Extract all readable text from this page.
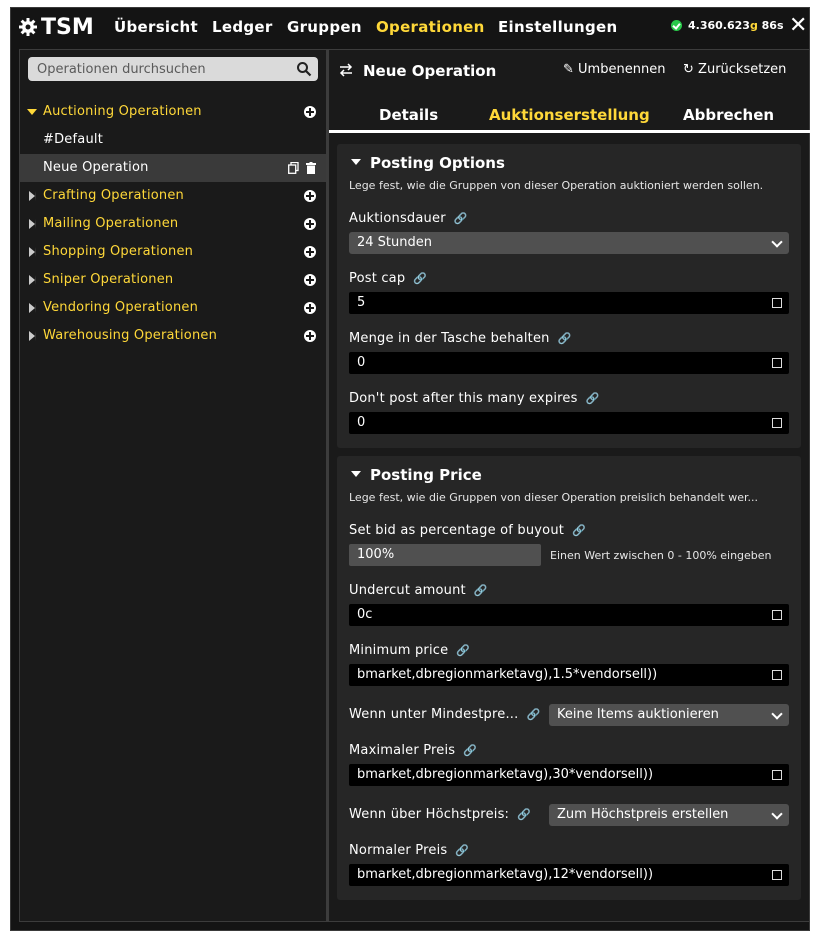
TSM Übersicht Ledger Gruppen Operationen Einstellungen	4.360.623g 86s ✕
Operationen durchsuchen
Auctioning Operationen
#Default
Neue Operation
Crafting Operationen
Mailing Operationen
Shopping Operationen
Sniper Operationen
Vendoring Operationen
Warehousing Operationen
Neue Operation	✎ Umbenennen ↻ Zurücksetzen
Details	Auktionserstellung Abbrechen
Posting Options
Lege fest, wie die Gruppen von dieser Operation auktioniert werden sollen.
Auktionsdauer 🔗
24 Stunden
Post cap 🔗
5
Menge in der Tasche behalten 🔗
0
Don't post after this many expires 🔗
0
Posting Price
Lege fest, wie die Gruppen von dieser Operation preislich behandelt wer...
Set bid as percentage of buyout 🔗
100%	Einen Wert zwischen 0 - 100% eingeben
Undercut amount 🔗
0c
Minimum price 🔗
bmarket,dbregionmarketavg),1.5*vendorsell))
Wenn unter Mindestpre... 🔗 Keine Items auktionieren
Maximaler Preis 🔗
bmarket,dbregionmarketavg),30*vendorsell))
Wenn über Höchstpreis: 🔗 Zum Höchstpreis erstellen
Normaler Preis 🔗
bmarket,dbregionmarketavg),12*vendorsell))
